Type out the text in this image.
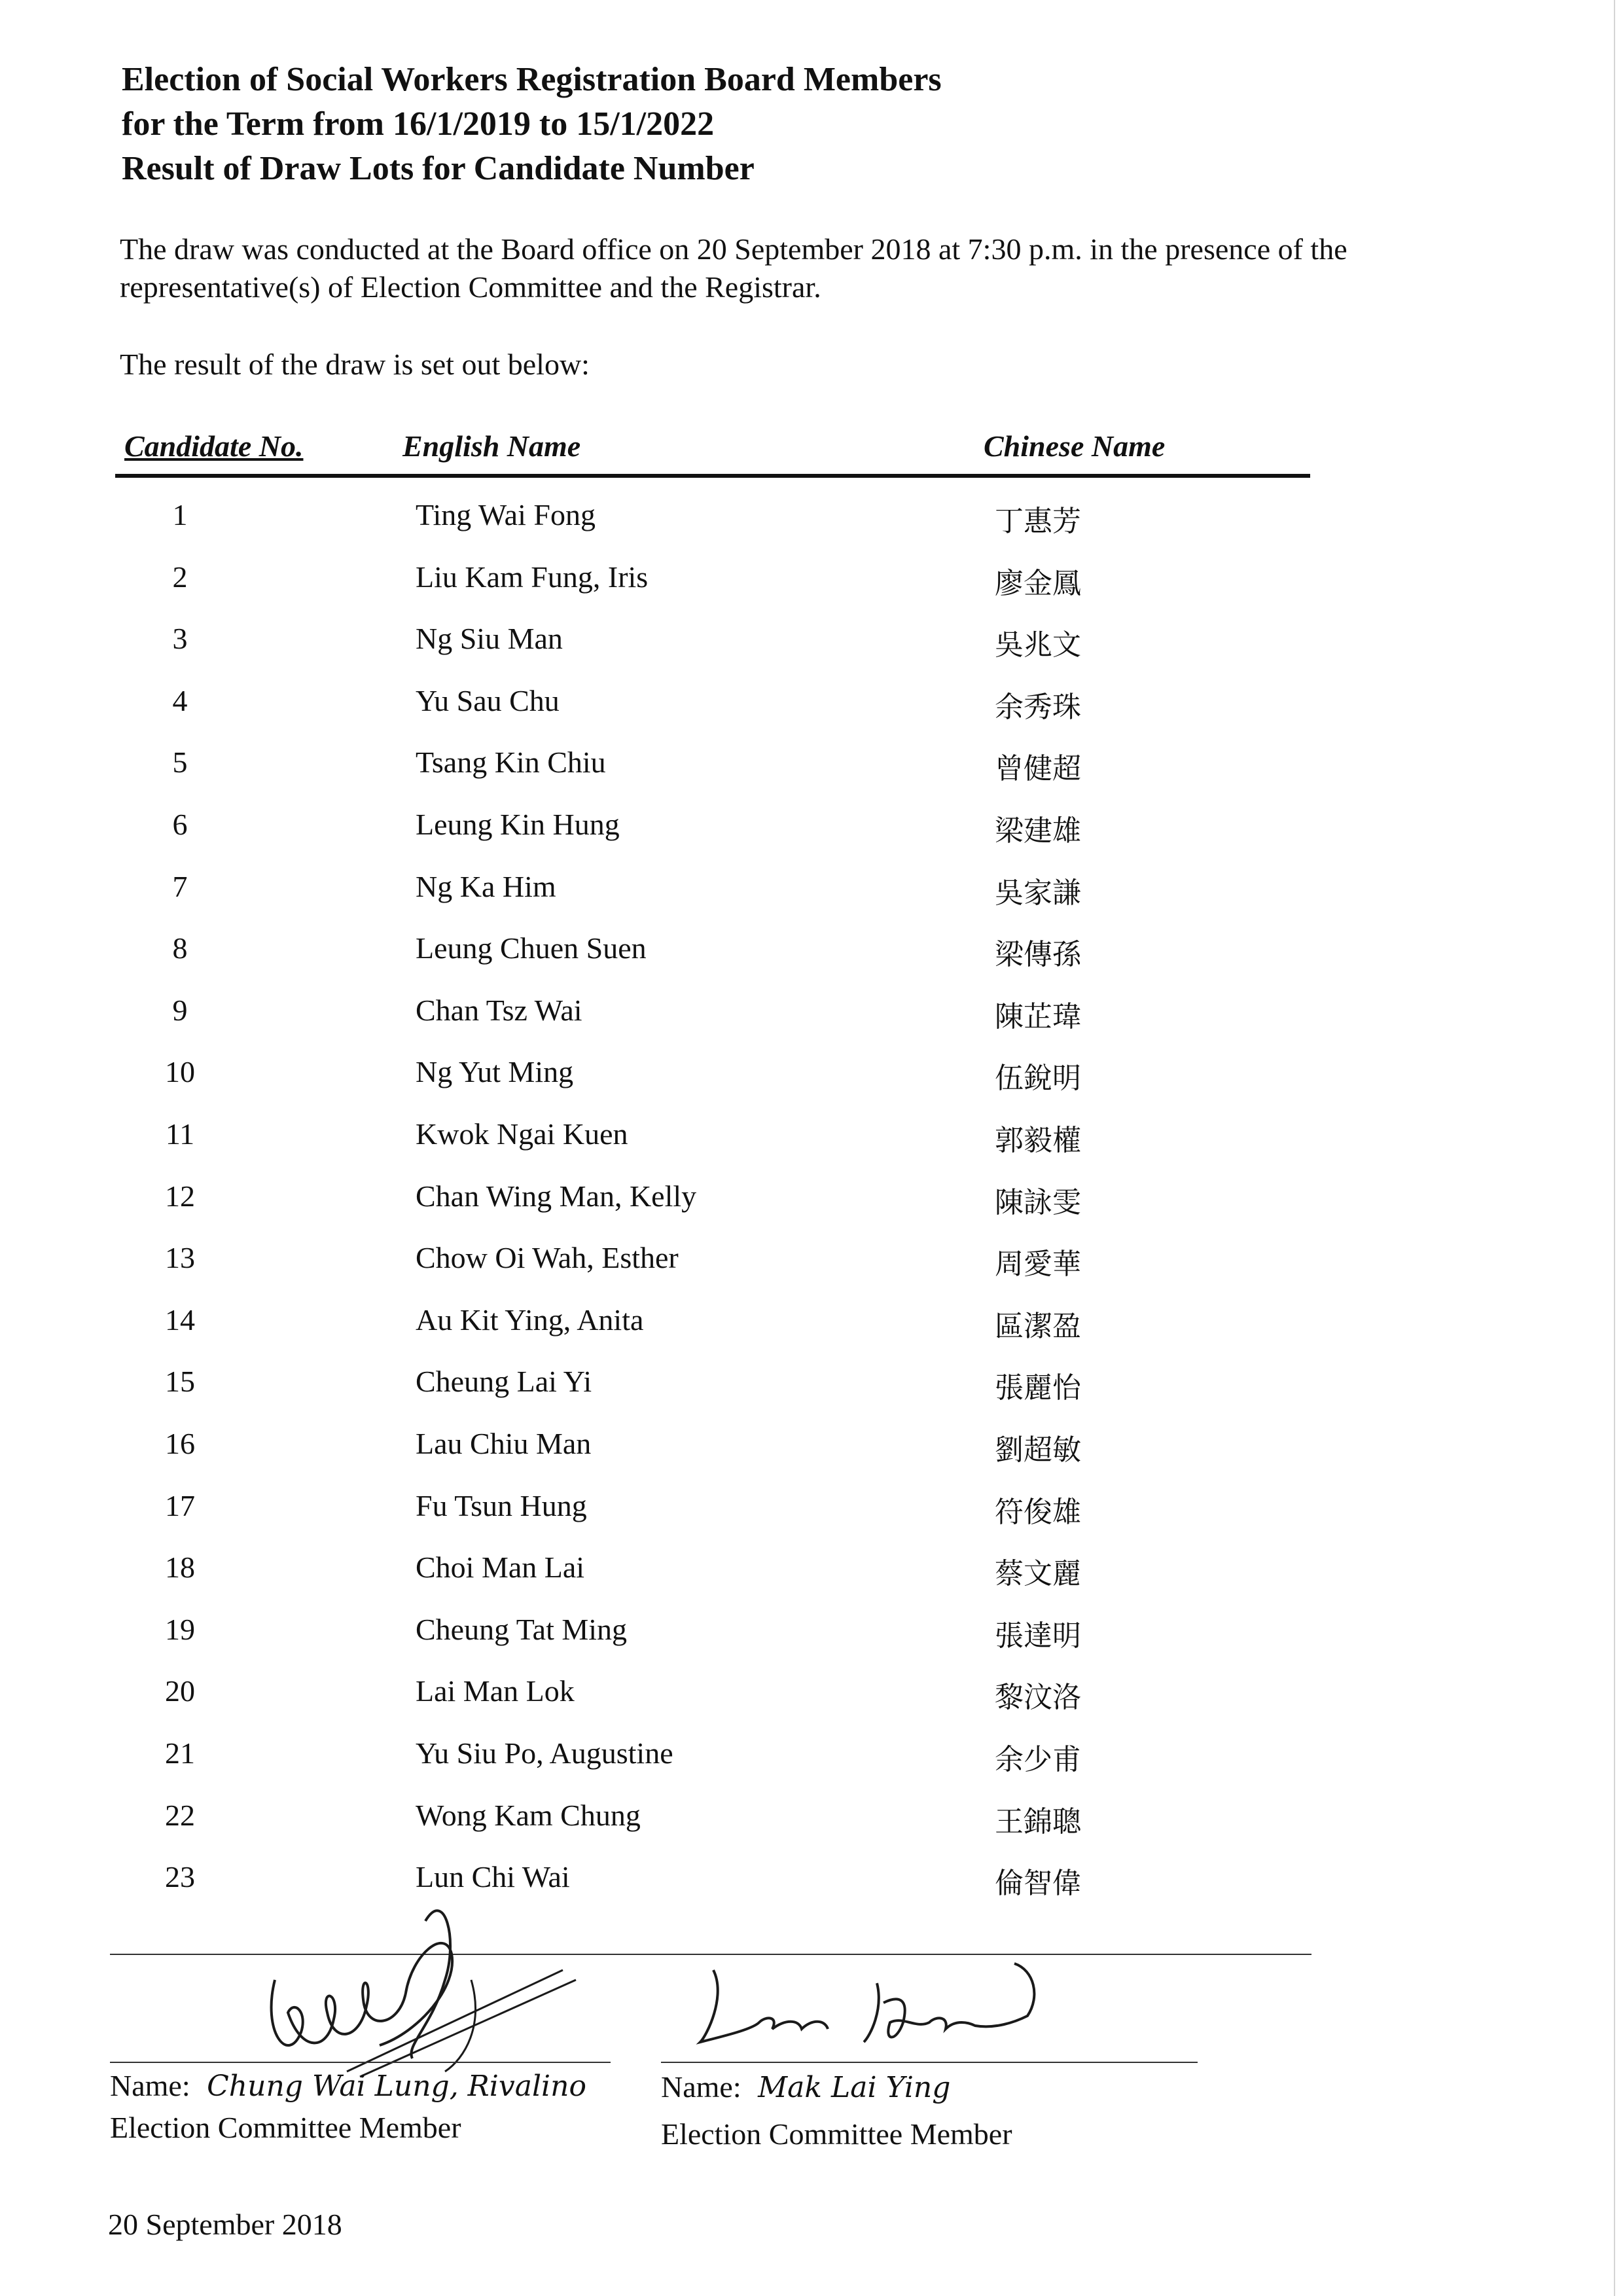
Election of Social Workers Registration Board Members
for the Term from 16/1/2019 to 15/1/2022
Result of Draw Lots for Candidate Number
The draw was conducted at the Board office on 20 September 2018 at 7:30 p.m. in the presence of the representative(s) of Election Committee and the Registrar.
The result of the draw is set out below:
Candidate No.	English Name	Chinese Name
1	Ting Wai Fong	丁惠芳
2	Liu Kam Fung, Iris	廖金鳳
3	Ng Siu Man	吳兆文
4	Yu Sau Chu	余秀珠
5	Tsang Kin Chiu	曾健超
6	Leung Kin Hung	梁建雄
7	Ng Ka Him	吳家謙
8	Leung Chuen Suen	梁傳孫
9	Chan Tsz Wai	陳芷瑋
10	Ng Yut Ming	伍銳明
11	Kwok Ngai Kuen	郭毅權
12	Chan Wing Man, Kelly	陳詠雯
13	Chow Oi Wah, Esther	周愛華
14	Au Kit Ying, Anita	區潔盈
15	Cheung Lai Yi	張麗怡
16	Lau Chiu Man	劉超敏
17	Fu Tsun Hung	符俊雄
18	Choi Man Lai	蔡文麗
19	Cheung Tat Ming	張達明
20	Lai Man Lok	黎汶洛
21	Yu Siu Po, Augustine	余少甫
22	Wong Kam Chung	王錦聰
23	Lun Chi Wai	倫智偉
Name: Chung Wai Lung, Rivalino
Election Committee Member
Name: Mak Lai Ying
Election Committee Member
20 September 2018
